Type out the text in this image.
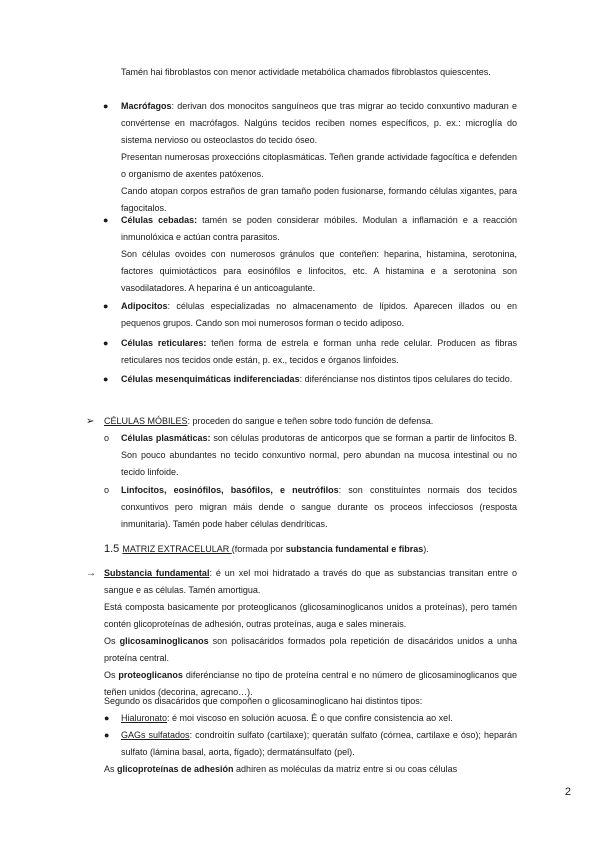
Tamén hai fibroblastos con menor actividade metabólica chamados fibroblastos quiescentes.

● Macrófagos: derivan dos monocitos sanguíneos que tras migrar ao tecido conxuntivo maduran e convértense en macrófagos. Nalgúns tecidos reciben nomes específicos, p. ex.: microglía do sistema nervioso ou osteoclastos do tecido óseo.
Presentan numerosas proxeccións citoplasmáticas. Teñen grande actividade fagocítica e defenden o organismo de axentes patóxenos.
Cando atopan corpos estraños de gran tamaño poden fusionarse, formando células xigantes, para fagocitalos.
● Células cebadas: tamén se poden considerar móbiles. Modulan a inflamación e a reacción inmunolóxica e actúan contra parasitos.
Son células ovoides con numerosos gránulos que conteñen: heparina, histamina, serotonina, factores quimiotácticos para eosinófilos e linfocitos, etc. A histamina e a serotonina son vasodilatadores. A heparina é un anticoagulante.
● Adipocitos: células especializadas no almacenamento de lípidos. Aparecen illados ou en pequenos grupos. Cando son moi numerosos forman o tecido adiposo.
● Células reticulares: teñen forma de estrela e forman unha rede celular. Producen as fibras reticulares nos tecidos onde están, p. ex., tecidos e órganos linfoides.
● Células mesenquimáticas indiferenciadas: diferéncianse nos distintos tipos celulares do tecido.
➢ CÉLULAS MÓBILES: proceden do sangue e teñen sobre todo función de defensa.
o Células plasmáticas: son células produtoras de anticorpos que se forman a partir de linfocitos B. Son pouco abundantes no tecido conxuntivo normal, pero abundan na mucosa intestinal ou no tecido linfoide.
o Linfocitos, eosinófilos, basófilos, e neutrófilos: son constituíntes normais dos tecidos conxuntivos pero migran máis dende o sangue durante os proceos infecciosos (resposta inmunitaria). Tamén pode haber células dendríticas.
1.5 MATRIZ EXTRACELULAR (formada por substancia fundamental e fibras).
→ Substancia fundamental: é un xel moi hidratado a través do que as substancias transitan entre o sangue e as células. Tamén amortigua.
Está composta basicamente por proteoglicanos (glicosaminoglicanos unidos a proteínas), pero tamén contén glicoproteínas de adhesión, outras proteínas, auga e sales minerais.
Os glicosaminoglicanos son polisacáridos formados pola repetición de disacáridos unidos a unha proteína central.
Os proteoglicanos diferéncianse no tipo de proteína central e no número de glicosaminoglicanos que teñen unidos (decorina, agrecano…).
Segundo os disacáridos que compoñen o glicosaminoglicano hai distintos tipos:
● Hialuronato: é moi viscoso en solución acuosa. É o que confire consistencia ao xel.
● GAGs sulfatados: condroitín sulfato (cartilaxe); queratán sulfato (córnea, cartilaxe e óso); heparán sulfato (lámina basal, aorta, fígado); dermatánsulfato (pel).
As glicoproteínas de adhesión adhiren as moléculas da matriz entre si ou coas células
2
